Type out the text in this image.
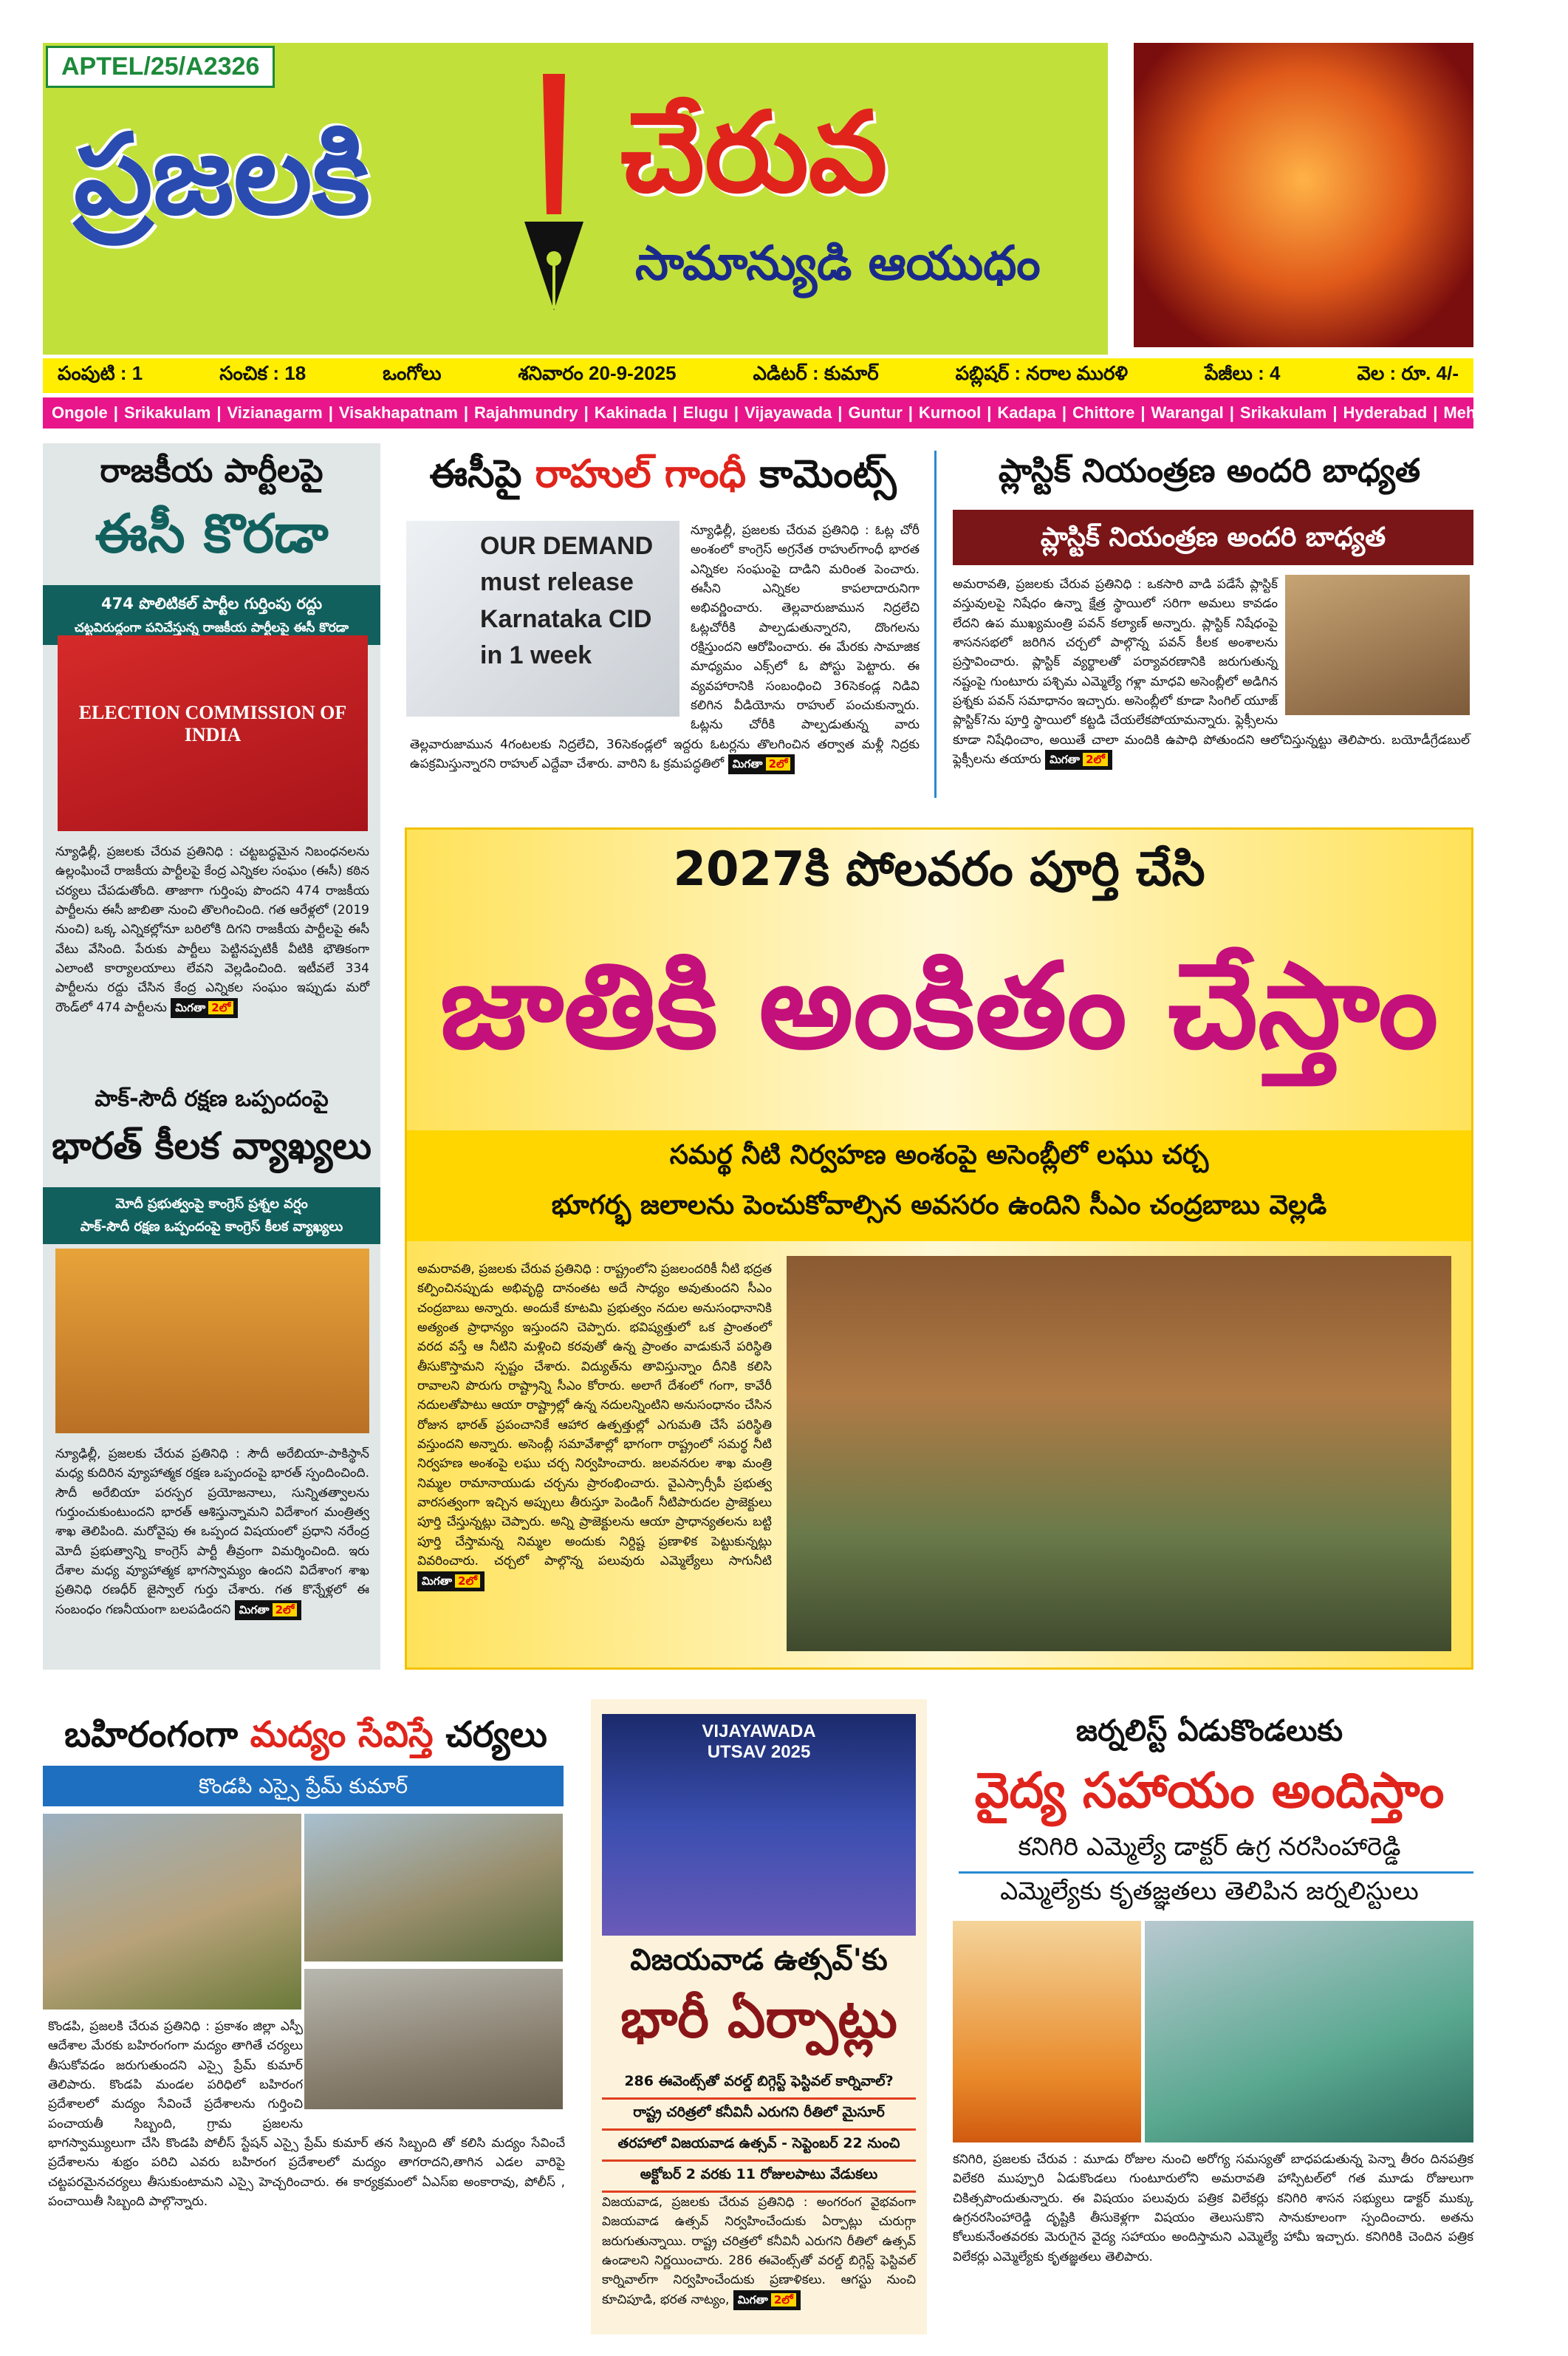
APTEL/25/A2326
ప్రజలకి చేరువ
సామాన్యుడి ఆయుధం
పంపుటి : 1	సంచిక : 18	ఒంగోలు	శనివారం 20-9-2025	ఎడిటర్ : కుమార్	పబ్లిషర్ : నరాల మురళి	పేజీలు : 4	వెల : రూ. 4/-
Ongole | Srikakulam | Vizianagarm | Visakhapatnam | Rajahmundry | Kakinada | Elugu | Vijayawada | Guntur | Kurnool | Kadapa | Chittore | Warangal | Srikakulam | Hyderabad | Mehabubanagar
రాజకీయ పార్టీలపై
ఈసీ కొరడా
474 పొలిటికల్ పార్టీల గుర్తింపు రద్దు
చట్టవిరుద్ధంగా పనిచేస్తున్న రాజకీయ పార్టీలపై ఈసీ కొరడా
ELECTION COMMISSION OF INDIA
న్యూఢిల్లీ, ప్రజలకు చేరువ ప్రతినిధి : చట్టబద్ధమైన నిబంధనలను ఉల్లంఘించే రాజకీయ పార్టీలపై కేంద్ర ఎన్నికల సంఘం (ఈసీ) కఠిన చర్యలు చేపడుతోంది. తాజాగా గుర్తింపు పొందని 474 రాజకీయ పార్టీలను ఈసీ జాబితా నుంచి తొలగించింది. గత ఆరేళ్లలో (2019 నుంచి) ఒక్క ఎన్నికల్లోనూ బరిలోకి దిగని రాజకీయ పార్టీలపై ఈసీ వేటు వేసింది. పేరుకు పార్టీలు పెట్టినప్పటికీ వీటికి భౌతికంగా ఎలాంటి కార్యాలయాలు లేవని వెల్లడించింది. ఇటీవలే 334 పార్టీలను రద్దు చేసిన కేంద్ర ఎన్నికల సంఘం ఇప్పుడు మరో రౌండ్‌లో 474 పార్టీలను మిగతా 2లో
పాక్-సౌదీ రక్షణ ఒప్పందంపై
భారత్ కీలక వ్యాఖ్యలు
మోదీ ప్రభుత్వంపై కాంగ్రెస్ ప్రశ్నల వర్షం
పాక్-సౌదీ రక్షణ ఒప్పందంపై కాంగ్రెస్ కీలక వ్యాఖ్యలు
న్యూఢిల్లీ, ప్రజలకు చేరువ ప్రతినిధి : సౌదీ అరేబియా-పాకిస్థాన్ మధ్య కుదిరిన వ్యూహాత్మక రక్షణ ఒప్పందంపై భారత్ స్పందించింది. సౌదీ అరేబియా పరస్పర ప్రయోజనాలు, సున్నితత్వాలను గుర్తుంచుకుంటుందని భారత్ ఆశిస్తున్నామని విదేశాంగ మంత్రిత్వ శాఖ తెలిపింది. మరోవైపు ఈ ఒప్పంద విషయంలో ప్రధాని నరేంద్ర మోదీ ప్రభుత్వాన్ని కాంగ్రెస్ పార్టీ తీవ్రంగా విమర్శించింది. ఇరు దేశాల మధ్య వ్యూహాత్మక భాగస్వామ్యం ఉందని విదేశాంగ శాఖ ప్రతినిధి రణధీర్ జైస్వాల్ గుర్తు చేశారు. గత కొన్నేళ్లలో ఈ సంబంధం గణనీయంగా బలపడిందని మిగతా 2లో
ఈసీపై రాహుల్ గాంధీ కామెంట్స్
OUR DEMAND must release Karnataka CID in 1 week
న్యూఢిల్లీ, ప్రజలకు చేరువ ప్రతినిధి : ఓట్ల చోరీ అంశంలో కాంగ్రెస్ అగ్రనేత రాహుల్‌గాంధీ భారత ఎన్నికల సంఘంపై దాడిని మరింత పెంచారు. ఈసీని ఎన్నికల కాపలాదారునిగా అభివర్ణించారు. తెల్లవారుజామున నిద్రలేచి ఓట్లచోరీకి పాల్పడుతున్నారని, దొంగలను రక్షిస్తుందని ఆరోపించారు. ఈ మేరకు సామాజిక మాధ్యమం ఎక్స్‌లో ఓ పోస్టు పెట్టారు. ఈ వ్యవహారానికి సంబంధించి 36సెకండ్ల నిడివి కలిగిన వీడియోను రాహుల్ పంచుకున్నారు. ఓట్లను చోరీకి పాల్పడుతున్న వారు తెల్లవారుజామున 4గంటలకు నిద్రలేచి, 36సెకండ్లలో ఇద్దరు ఓటర్లను తొలగించిన తర్వాత మళ్లీ నిద్రకు ఉపక్రమిస్తున్నారని రాహుల్ ఎద్దేవా చేశారు. వారిని ఓ క్రమపద్ధతిలో మిగతా 2లో
ప్లాస్టిక్ నియంత్రణ అందరి బాధ్యత
ప్లాస్టిక్ నియంత్రణ అందరి బాధ్యత
అమరావతి, ప్రజలకు చేరువ ప్రతినిధి : ఒకసారి వాడి పడేసే ప్లాస్టిక్ వస్తువులపై నిషేధం ఉన్నా క్షేత్ర స్థాయిలో సరిగా అమలు కావడం లేదని ఉప ముఖ్యమంత్రి పవన్ కల్యాణ్ అన్నారు. ప్లాస్టిక్ నిషేధంపై శాసనసభలో జరిగిన చర్చలో పాల్గొన్న పవన్ కీలక అంశాలను ప్రస్తావించారు. ప్లాస్టిక్ వ్యర్థాలతో పర్యావరణానికి జరుగుతున్న నష్టంపై గుంటూరు పశ్చిమ ఎమ్మెల్యే గళ్లా మాధవి అసెంబ్లీలో అడిగిన ప్రశ్నకు పవన్ సమాధానం ఇచ్చారు. అసెంబ్లీలో కూడా సింగిల్ యూజ్ ప్లాస్టిక్?ను పూర్తి స్థాయిలో కట్టడి చేయలేకపోయామన్నారు. ఫ్లెక్సీలను కూడా నిషేధించాం, అయితే చాలా మందికి ఉపాధి పోతుందని ఆలోచిస్తున్నట్టు తెలిపారు. బయోడీగ్రేడబుల్ ఫ్లెక్సీలను తయారు మిగతా 2లో
2027కి పోలవరం పూర్తి చేసి
జాతికి అంకితం చేస్తాం
సమర్థ నీటి నిర్వహణ అంశంపై అసెంబ్లీలో లఘు చర్చ
భూగర్భ జలాలను పెంచుకోవాల్సిన అవసరం ఉందిని సీఎం చంద్రబాబు వెల్లడి
అమరావతి, ప్రజలకు చేరువ ప్రతినిధి : రాష్ట్రంలోని ప్రజలందరికీ నీటి భద్రత కల్పించినప్పుడు అభివృద్ధి దానంతట అదే సాధ్యం అవుతుందని సీఎం చంద్రబాబు అన్నారు. అందుకే కూటమి ప్రభుత్వం నదుల అనుసంధానానికి అత్యంత ప్రాధాన్యం ఇస్తుందని చెప్పారు. భవిష్యత్తులో ఒక ప్రాంతంలో వరద వస్తే ఆ నీటిని మళ్లించి కరవుతో ఉన్న ప్రాంతం వాడుకునే పరిస్థితి తీసుకొస్తామని స్పష్టం చేశారు. విద్యుత్‌ను తావిస్తున్నాం దీనికి కలిసి రావాలని పొరుగు రాష్ట్రాన్ని సీఎం కోరారు. అలాగే దేశంలో గంగా, కావేరీ నదులతోపాటు ఆయా రాష్ట్రాల్లో ఉన్న నదులన్నింటిని అనుసంధానం చేసిన రోజున భారత్ ప్రపంచానికే ఆహార ఉత్పత్తుల్లో ఎగుమతి చేసే పరిస్థితి వస్తుందని అన్నారు. అసెంబ్లీ సమావేశాల్లో భాగంగా రాష్ట్రంలో సమర్థ నీటి నిర్వహణ అంశంపై లఘు చర్చ నిర్వహించారు. జలవనరుల శాఖ మంత్రి నిమ్మల రామానాయుడు చర్చను ప్రారంభించారు. వైఎస్సార్సీపీ ప్రభుత్వ వారసత్వంగా ఇచ్చిన అప్పులు తీరుస్తూ పెండింగ్ నీటిపారుదల ప్రాజెక్టులు పూర్తి చేస్తున్నట్లు చెప్పారు. అన్ని ప్రాజెక్టులను ఆయా ప్రాధాన్యతలను బట్టి పూర్తి చేస్తామన్న నిమ్మల అందుకు నిర్దిష్ట ప్రణాళిక పెట్టుకున్నట్లు వివరించారు. చర్చలో పాల్గొన్న పలువురు ఎమ్మెల్యేలు సాగునీటి మిగతా 2లో
బహిరంగంగా మద్యం సేవిస్తే చర్యలు
కొండపి ఎస్సై ప్రేమ్ కుమార్
కొండపి, ప్రజలకి చేరువ ప్రతినిధి : ప్రకాశం జిల్లా ఎస్పీ ఆదేశాల మేరకు బహిరంగంగా మద్యం తాగితే చర్యలు తీసుకోవడం జరుగుతుందని ఎస్సై ప్రేమ్ కుమార్ తెలిపారు. కొండపి మండల పరిధిలో బహిరంగ ప్రదేశాలలో మద్యం సేవించే ప్రదేశాలను గుర్తించి పంచాయతీ సిబ్బంది, గ్రామ ప్రజలను భాగస్వామ్యులుగా చేసి కొండపి పోలీస్ స్టేషన్ ఎస్సై ప్రేమ్ కుమార్ తన సిబ్బంది తో కలిసి మద్యం సేవించే ప్రదేశాలను శుభ్రం పరిచి ఎవరు బహిరంగ ప్రదేశాలలో మద్యం తాగరాదని,తాగిన ఎడల వారిపై చట్టపరమైనచర్యలు తీసుకుంటామని ఎస్సై హెచ్చరించారు. ఈ కార్యక్రమంలో ఏఎస్ఐ అంకారావు, పోలీస్ , పంచాయితీ సిబ్బంది పాల్గొన్నారు.
VIJAYAWADA UTSAV 2025
విజయవాడ ఉత్సవ్'కు
భారీ ఏర్పాట్లు
286 ఈవెంట్స్‌తో వరల్డ్ బిగ్గెస్ట్ ఫెస్టివల్ కార్నివాల్?
రాష్ట్ర చరిత్రలో కనీవినీ ఎరుగని రీతిలో మైసూర్
తరహాలో విజయవాడ ఉత్సవ్ - సెప్టెంబర్ 22 నుంచి
అక్టోబర్ 2 వరకు 11 రోజులపాటు వేడుకలు
విజయవాడ, ప్రజలకు చేరువ ప్రతినిధి : అంగరంగ వైభవంగా విజయవాడ ఉత్సవ్ నిర్వహించేందుకు ఏర్పాట్లు చురుగ్గా జరుగుతున్నాయి. రాష్ట్ర చరిత్రలో కనీవినీ ఎరుగని రీతిలో ఉత్సవ్ ఉండాలని నిర్ణయించారు. 286 ఈవెంట్స్‌తో వరల్డ్ బిగ్గెస్ట్ ఫెస్టివల్ కార్నివాల్‌గా నిర్వహించేందుకు ప్రణాళికలు. ఆగస్టు నుంచి కూచిపూడి, భరత నాట్యం, మిగతా 2లో
జర్నలిస్ట్ ఏడుకొండలుకు
వైద్య సహాయం అందిస్తాం
కనిగిరి ఎమ్మెల్యే డాక్టర్ ఉగ్ర నరసింహారెడ్డి
ఎమ్మెల్యేకు కృతజ్ఞతలు తెలిపిన జర్నలిస్టులు
కనిగిరి, ప్రజలకు చేరువ : మూడు రోజుల నుంచి అరోగ్య సమస్యతో బాధపడుతున్న పెన్నా తీరం దినపత్రిక విలేకరి ముప్పూరి ఏడుకొండలు గుంటూరులోని అమరావతి హాస్పిటల్‌లో గత మూడు రోజులుగా చికిత్సపొందుతున్నారు. ఈ విషయం పలువురు పత్రిక విలేకర్లు కనిగిరి శాసన సభ్యులు డాక్టర్ ముక్కు ఉగ్రనరసింహారెడ్డి దృష్టికి తీసుకెళ్లగా విషయం తెలుసుకొని సానుకూలంగా స్పందించారు. అతను కోలుకునేంతవరకు మెరుగైన వైద్య సహాయం అందిస్తామని ఎమ్మెల్యే హామీ ఇచ్చారు. కనిగిరికి చెందిన పత్రిక విలేకర్లు ఎమ్మెల్యేకు కృతజ్ఞతలు తెలిపారు.
